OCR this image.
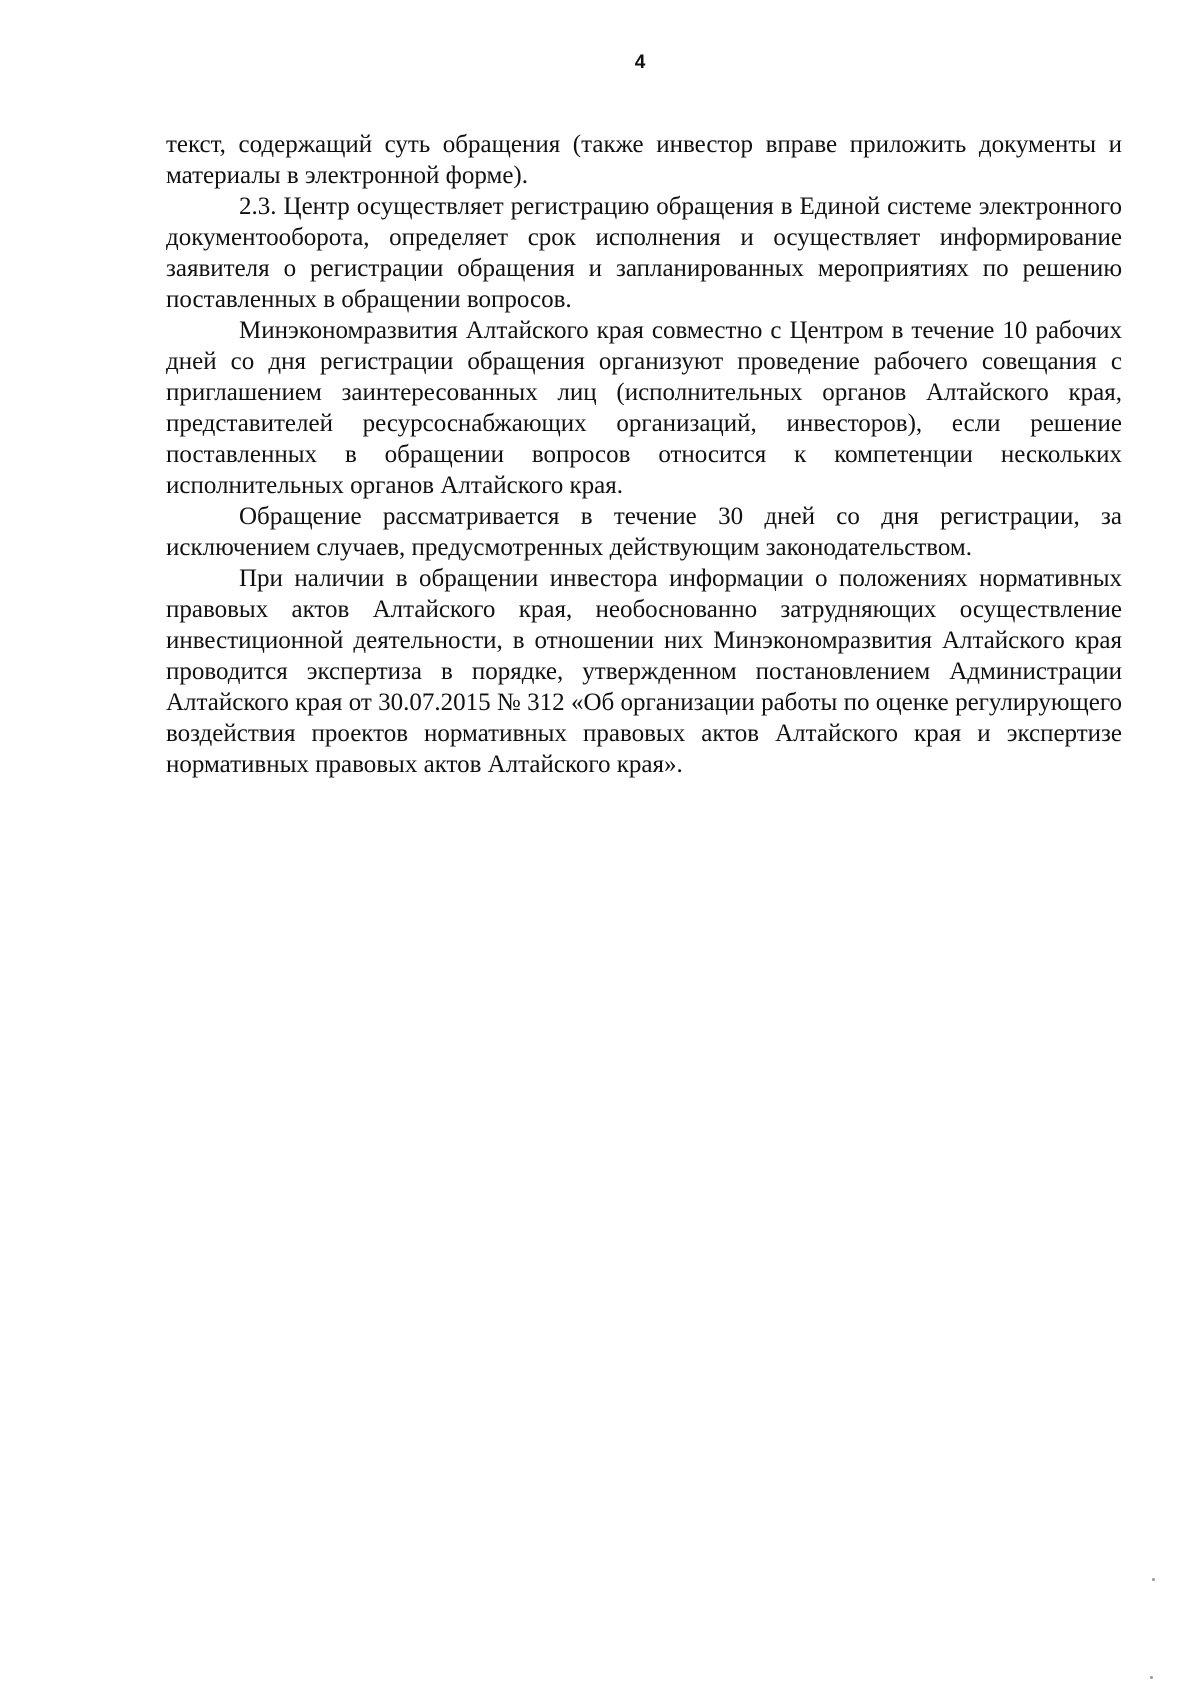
4

текст, содержащий суть обращения (также инвестор вправе приложить документы и материалы в электронной форме).

2.3. Центр осуществляет регистрацию обращения в Единой системе электронного документооборота, определяет срок исполнения и осуществляет информирование заявителя о регистрации обращения и запланированных мероприятиях по решению поставленных в обращении вопросов.

Минэкономразвития Алтайского края совместно с Центром в течение 10 рабочих дней со дня регистрации обращения организуют проведение рабочего совещания с приглашением заинтересованных лиц (исполнительных органов Алтайского края, представителей ресурсоснабжающих организаций, инвесторов), если решение поставленных в обращении вопросов относится к компетенции нескольких исполнительных органов Алтайского края.

Обращение рассматривается в течение 30 дней со дня регистрации, за исключением случаев, предусмотренных действующим законодательством.

При наличии в обращении инвестора информации о положениях нормативных правовых актов Алтайского края, необоснованно затрудняющих осуществление инвестиционной деятельности, в отношении них Минэкономразвития Алтайского края проводится экспертиза в порядке, утвержденном постановлением Администрации Алтайского края от 30.07.2015 № 312 «Об организации работы по оценке регулирующего воздействия проектов нормативных правовых актов Алтайского края и экспертизе нормативных правовых актов Алтайского края».
